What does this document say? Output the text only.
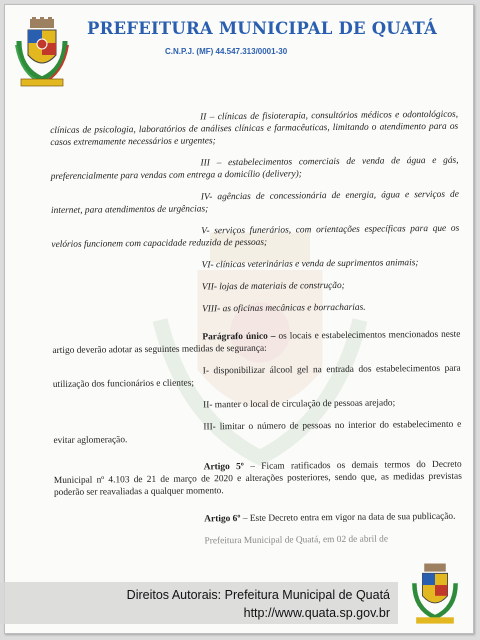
PREFEITURA MUNICIPAL DE QUATÁ
C.N.P.J. (MF) 44.547.313/0001-30

II – clínicas de fisioterapia, consultórios médicos e odontológicos, clínicas de psicologia, laboratórios de análises clínicas e farmacêuticas, limitando o atendimento para os casos extremamente necessários e urgentes;

III – estabelecimentos comerciais de venda de água e gás, preferencialmente para vendas com entrega a domicílio (delivery);

IV- agências de concessionária de energia, água e serviços de internet, para atendimentos de urgências;

V- serviços funerários, com orientações específicas para que os velórios funcionem com capacidade reduzida de pessoas;

VI- clínicas veterinárias e venda de suprimentos animais;

VII- lojas de materiais de construção;

VIII- as oficinas mecânicas e borracharias.

Parágrafo único – os locais e estabelecimentos mencionados neste artigo deverão adotar as seguintes medidas de segurança:

I- disponibilizar álcool gel na entrada dos estabelecimentos para utilização dos funcionários e clientes;

II- manter o local de circulação de pessoas arejado;

III- limitar o número de pessoas no interior do estabelecimento e evitar aglomeração.

Artigo 5º – Ficam ratificados os demais termos do Decreto Municipal nº 4.103 de 21 de março de 2020 e alterações posteriores, sendo que, as medidas previstas poderão ser reavaliadas a qualquer momento.

Artigo 6º – Este Decreto entra em vigor na data de sua publicação.

Prefeitura Municipal de Quatá, em 02 de abril de

Direitos Autorais: Prefeitura Municipal de Quatá
http://www.quata.sp.gov.br
